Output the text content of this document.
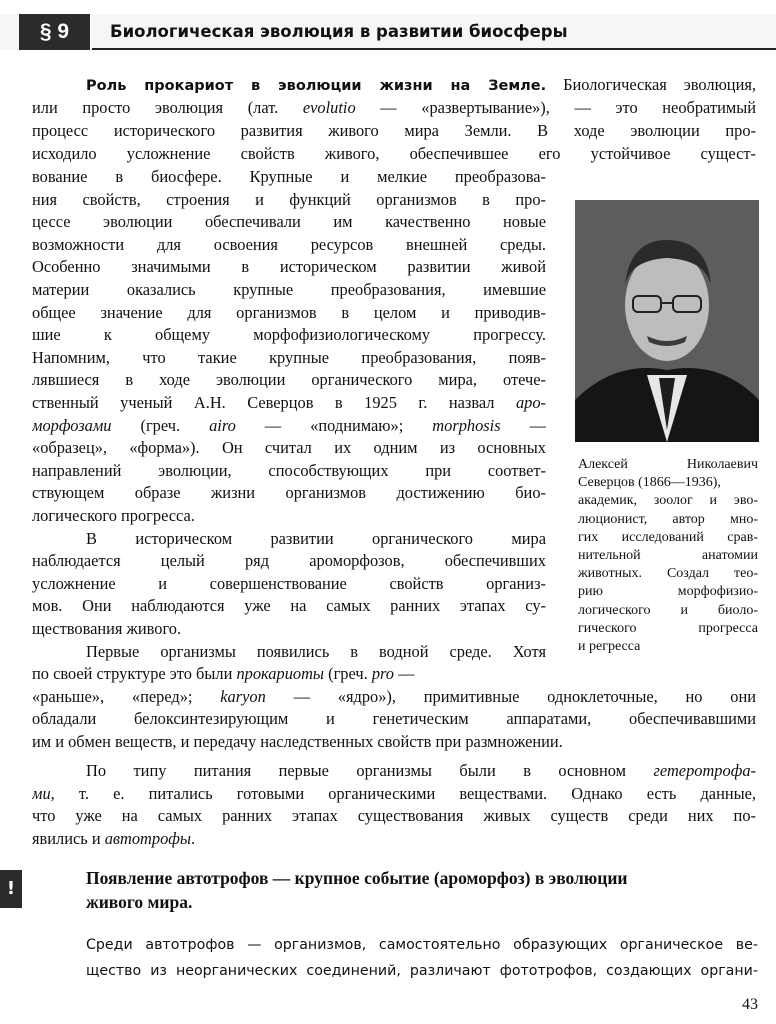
§ 9	Биологическая эволюция в развитии биосферы
Роль прокариот в эволюции жизни на Земле. Биологическая эволюция,
или просто эволюция (лат. evolutio — «развертывание»), — это необратимый
процесс исторического развития живого мира Земли. В ходе эволюции про-
исходило усложнение свойств живого, обеспечившее его устойчивое сущест-
вование в биосфере. Крупные и мелкие преобразова-
ния свойств, строения и функций организмов в про-
цессе эволюции обеспечивали им качественно новые
возможности для освоения ресурсов внешней среды.
Особенно значимыми в историческом развитии живой
материи оказались крупные преобразования, имевшие
общее значение для организмов в целом и приводив-
шие к общему морфофизиологическому прогрессу.
Напомним, что такие крупные преобразования, появ-
лявшиеся в ходе эволюции органического мира, отече-
ственный ученый А.Н. Северцов в 1925 г. назвал аро-
морфозами (греч. airo — «поднимаю»; morphosis —
«образец», «форма»). Он считал их одним из основных
направлений эволюции, способствующих при соответ-
ствующем образе жизни организмов достижению био-
логического прогресса.
В историческом развитии органического мира
наблюдается целый ряд ароморфозов, обеспечивших
усложнение и совершенствование свойств организ-
мов. Они наблюдаются уже на самых ранних этапах су-
ществования живого.
Первые организмы появились в водной среде. Хотя
Алексей Николаевич
Северцов (1866—1936),
академик, зоолог и эво-
люционист, автор мно-
гих исследований срав-
нительной анатомии
животных. Создал тео-
рию морфофизио-
логического и биоло-
гического прогресса
и регресса
по своей структуре это были прокариоты (греч. pro —
«раньше», «перед»; karyon — «ядро»), примитивные одноклеточные, но они
обладали белоксинтезирующим и генетическим аппаратами, обеспечивавшими
им и обмен веществ, и передачу наследственных свойств при размножении.
По типу питания первые организмы были в основном гетеротрофа-
ми, т. е. питались готовыми органическими веществами. Однако есть данные,
что уже на самых ранних этапах существования живых существ среди них по-
явились и автотрофы.
!	Появление автотрофов — крупное событие (ароморфоз) в эволюции
живого мира.
Среди автотрофов — организмов, самостоятельно образующих органическое ве-
щество из неорганических соединений, различают фототрофов, создающих органи-
43
